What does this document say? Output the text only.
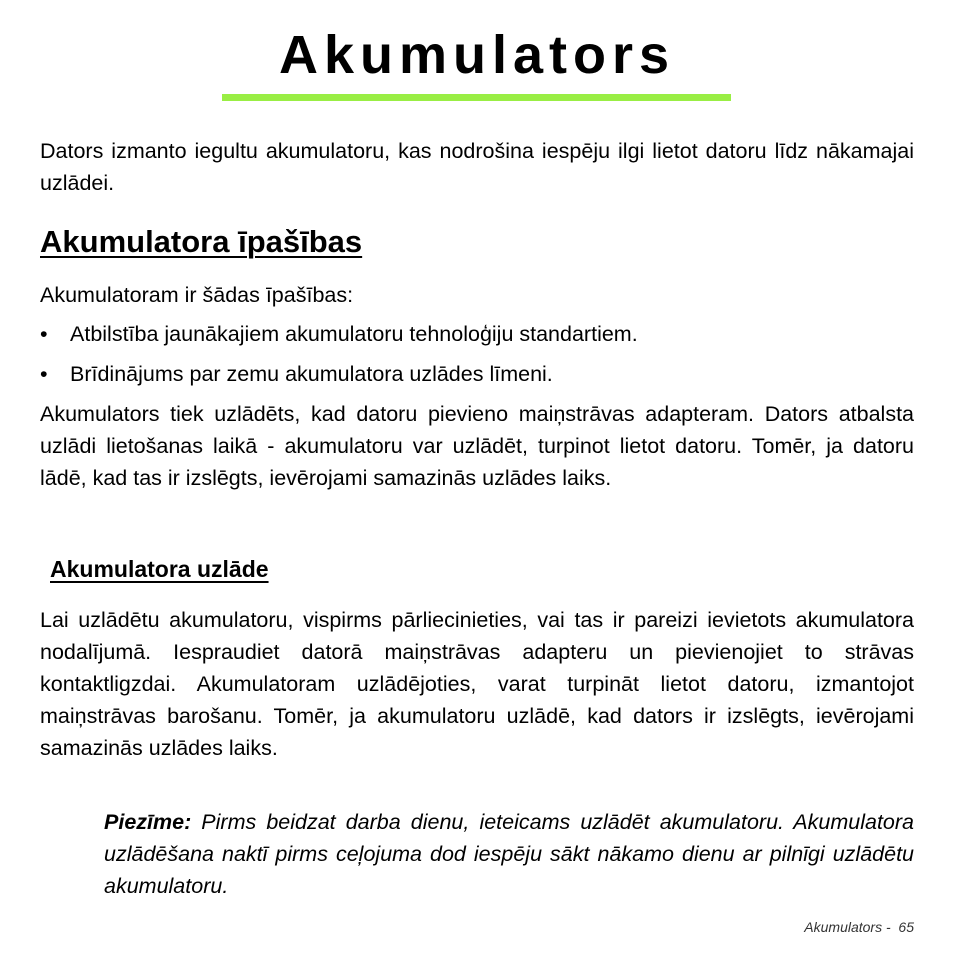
Akumulators

Dators izmanto iegultu akumulatoru, kas nodrošina iespēju ilgi lietot datoru līdz nākamajai uzlādei.

Akumulatora īpašības

Akumulatoram ir šādas īpašības:

• Atbilstība jaunākajiem akumulatoru tehnoloģiju standartiem.
• Brīdinājums par zemu akumulatora uzlādes līmeni.

Akumulators tiek uzlādēts, kad datoru pievieno maiņstrāvas adapteram. Dators atbalsta uzlādi lietošanas laikā - akumulatoru var uzlādēt, turpinot lietot datoru. Tomēr, ja datoru lādē, kad tas ir izslēgts, ievērojami samazinās uzlādes laiks.

Akumulatora uzlāde

Lai uzlādētu akumulatoru, vispirms pārliecinieties, vai tas ir pareizi ievietots akumulatora nodalījumā. Iespraudiet datorā maiņstrāvas adapteru un pievienojiet to strāvas kontaktligzdai. Akumulatoram uzlādējoties, varat turpināt lietot datoru, izmantojot maiņstrāvas barošanu. Tomēr, ja akumulatoru uzlādē, kad dators ir izslēgts, ievērojami samazinās uzlādes laiks.

Piezīme: Pirms beidzat darba dienu, ieteicams uzlādēt akumulatoru. Akumulatora uzlādēšana naktī pirms ceļojuma dod iespēju sākt nākamo dienu ar pilnīgi uzlādētu akumulatoru.

Akumulators - 65
